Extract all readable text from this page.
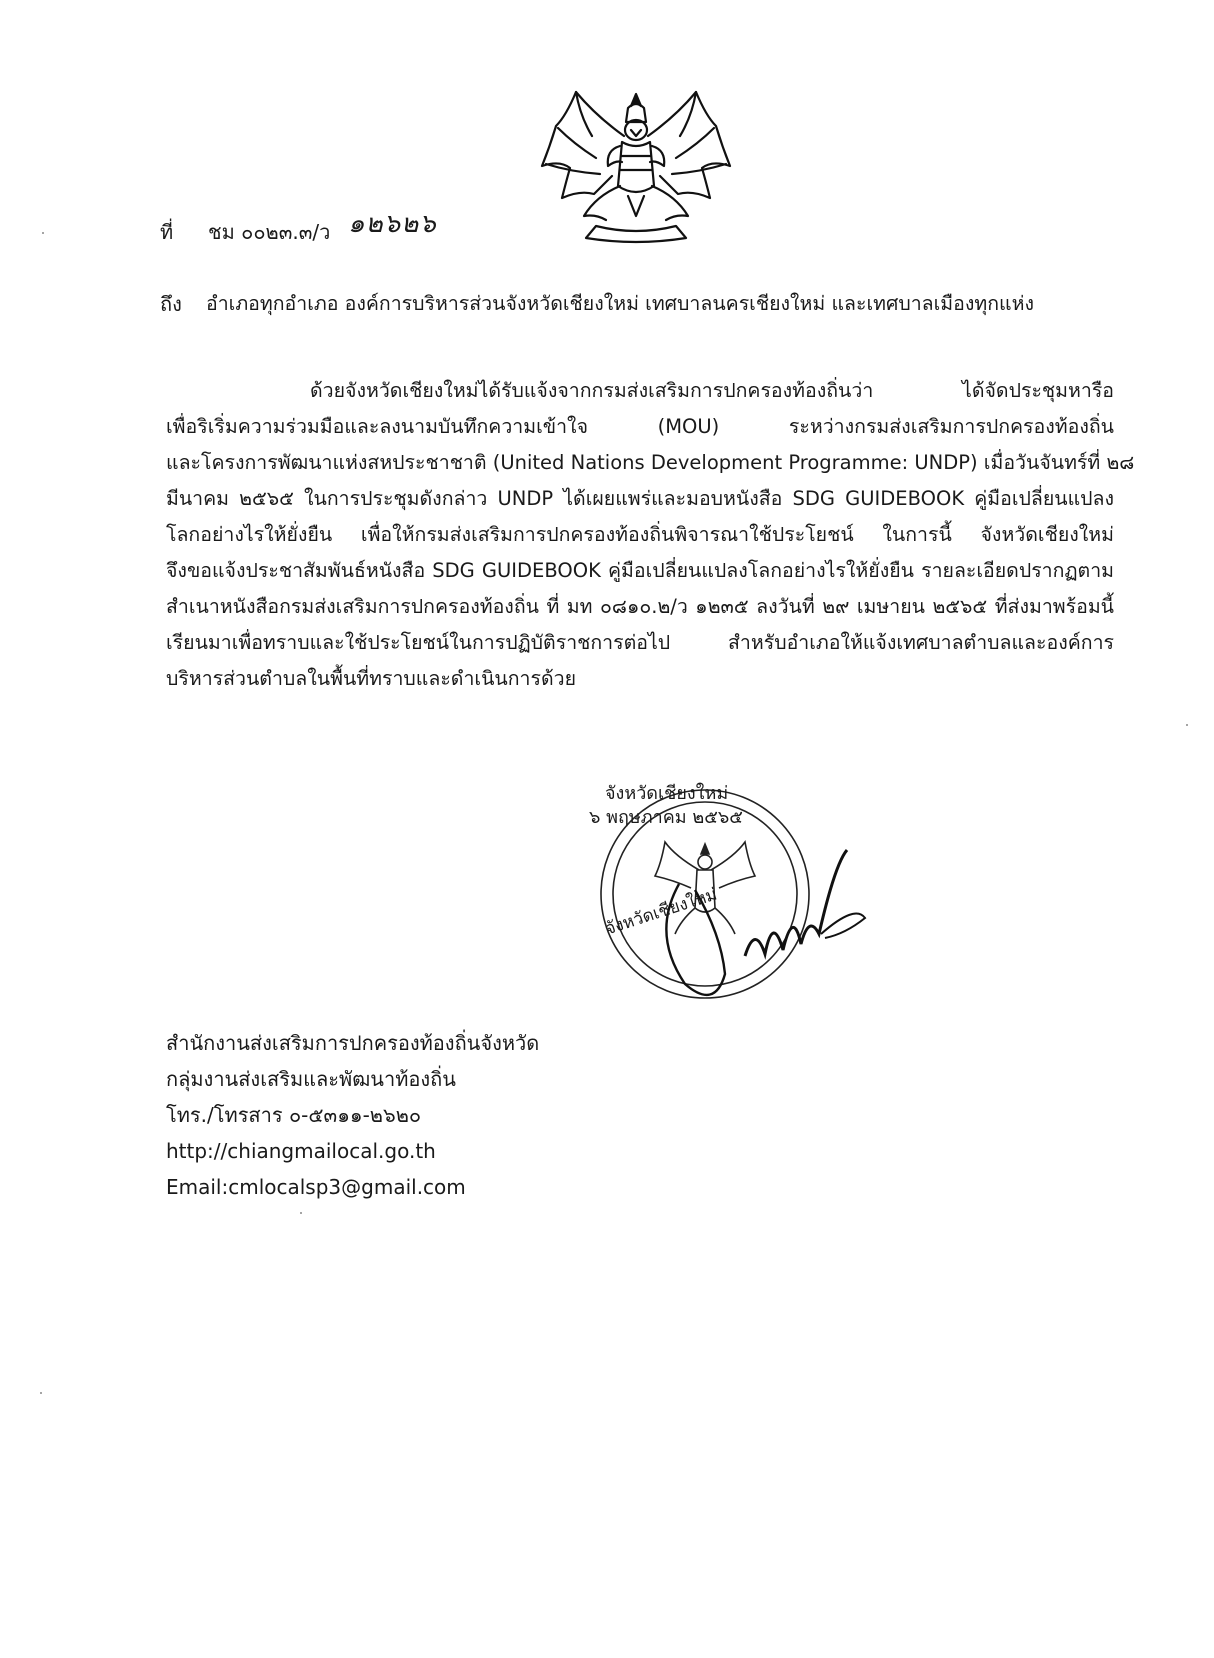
ที่ ชม ๐๐๒๓.๓/ว ๑๒๖๒๖
ถึง อำเภอทุกอำเภอ องค์การบริหารส่วนจังหวัดเชียงใหม่ เทศบาลนครเชียงใหม่ และเทศบาลเมืองทุกแห่ง
ด้วยจังหวัดเชียงใหม่ได้รับแจ้งจากกรมส่งเสริมการปกครองท้องถิ่นว่า ได้จัดประชุมหารือ
เพื่อริเริ่มความร่วมมือและลงนามบันทึกความเข้าใจ (MOU) ระหว่างกรมส่งเสริมการปกครองท้องถิ่น
และโครงการพัฒนาแห่งสหประชาชาติ (United Nations Development Programme: UNDP) เมื่อวันจันทร์ที่ ๒๘
มีนาคม ๒๕๖๕ ในการประชุมดังกล่าว UNDP ได้เผยแพร่และมอบหนังสือ SDG GUIDEBOOK คู่มือเปลี่ยนแปลง
โลกอย่างไรให้ยั่งยืน เพื่อให้กรมส่งเสริมการปกครองท้องถิ่นพิจารณาใช้ประโยชน์ ในการนี้ จังหวัดเชียงใหม่
จึงขอแจ้งประชาสัมพันธ์หนังสือ SDG GUIDEBOOK คู่มือเปลี่ยนแปลงโลกอย่างไรให้ยั่งยืน รายละเอียดปรากฏตาม
สำเนาหนังสือกรมส่งเสริมการปกครองท้องถิ่น ที่ มท ๐๘๑๐.๒/ว ๑๒๓๕ ลงวันที่ ๒๙ เมษายน ๒๕๖๕ ที่ส่งมาพร้อมนี้
เรียนมาเพื่อทราบและใช้ประโยชน์ในการปฏิบัติราชการต่อไป สำหรับอำเภอให้แจ้งเทศบาลตำบลและองค์การ
บริหารส่วนตำบลในพื้นที่ทราบและดำเนินการด้วย
จังหวัดเชียงใหม่
๖ พฤษภาคม ๒๕๖๕
จังหวัดเชียงใหม่
สำนักงานส่งเสริมการปกครองท้องถิ่นจังหวัด
กลุ่มงานส่งเสริมและพัฒนาท้องถิ่น
โทร./โทรสาร ๐-๕๓๑๑-๒๖๒๐
http://chiangmailocal.go.th
Email:cmlocalsp3@gmail.com
